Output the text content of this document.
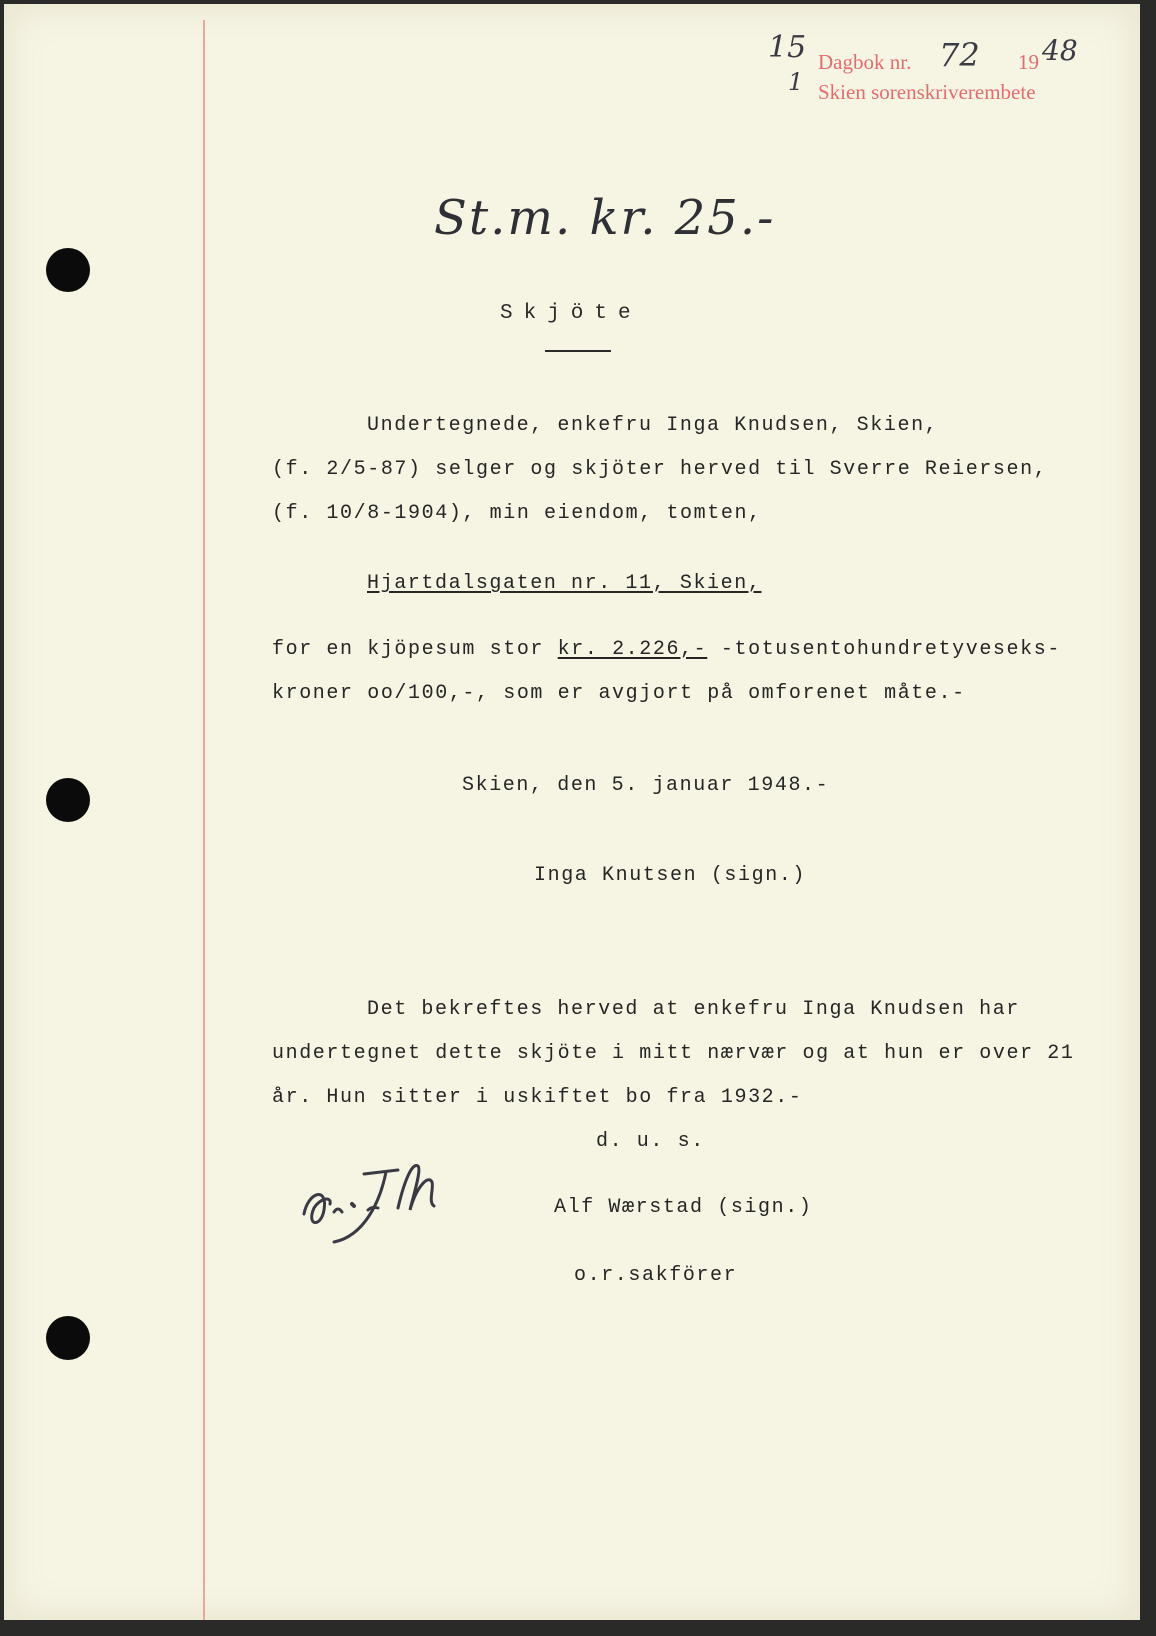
15
1
Dagbok nr. 72 19 48
Skien sorenskriverembete
St.m. kr. 25.-
Skjöte
Undertegnede, enkefru Inga Knudsen, Skien,
(f. 2/5-87) selger og skjöter herved til Sverre Reiersen,
(f. 10/8-1904), min eiendom, tomten,
Hjartdalsgaten nr. 11, Skien,
for en kjöpesum stor kr. 2.226,- -totusentohundretyveseks-
kroner oo/100,-, som er avgjort på omforenet måte.-
Skien, den 5. januar 1948.-
Inga Knutsen (sign.)
Det bekreftes herved at enkefru Inga Knudsen har
undertegnet dette skjöte i mitt nærvær og at hun er over 21
år. Hun sitter i uskiftet bo fra 1932.-
d. u. s.
Alf Wærstad (sign.)
o.r.sakförer
